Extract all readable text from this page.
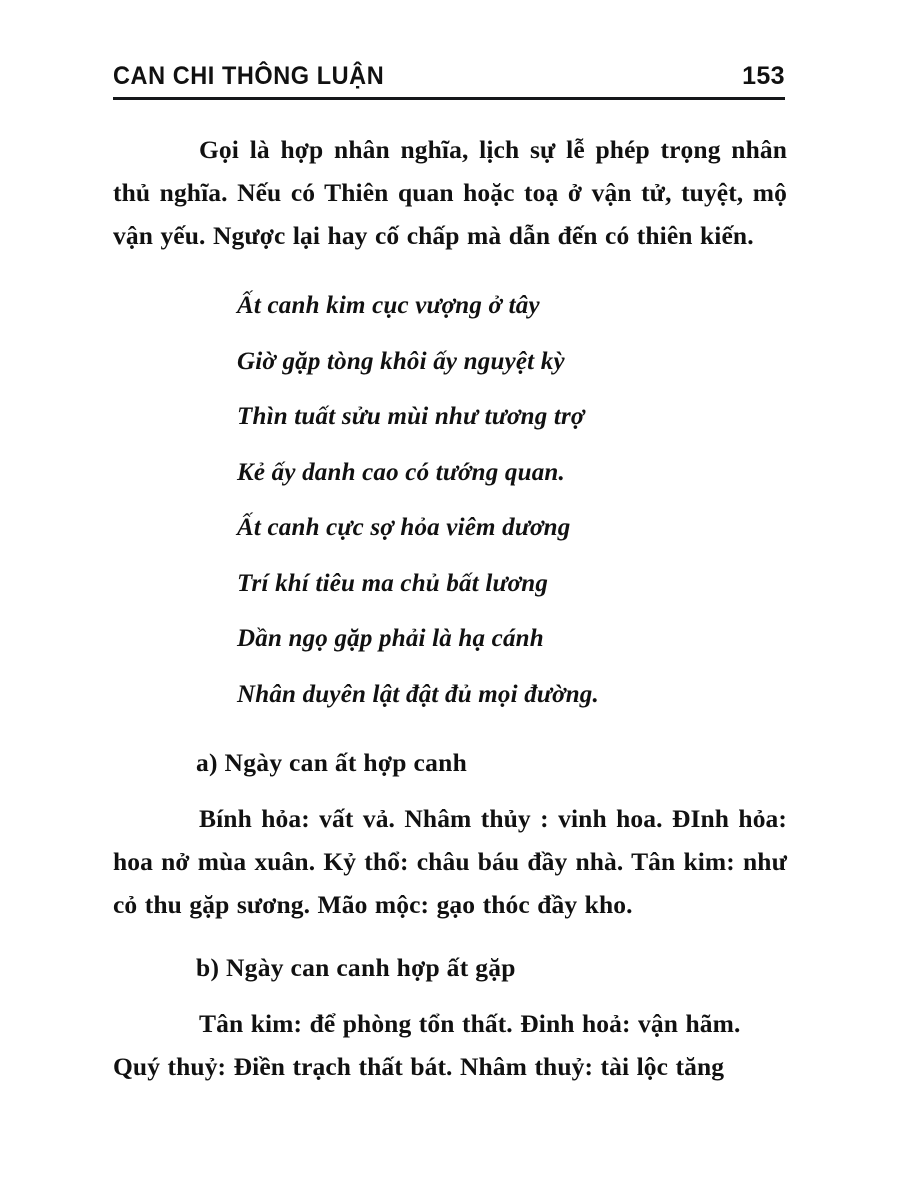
CAN CHI THÔNG LUẬN	153

Gọi là hợp nhân nghĩa, lịch sự lễ phép trọng nhân thủ nghĩa. Nếu có Thiên quan hoặc toạ ở vận tử, tuyệt, mộ vận yếu. Ngược lại hay cố chấp mà dẫn đến có thiên kiến.

Ất canh kim cục vượng ở tây
Giờ gặp tòng khôi ấy nguyệt kỳ
Thìn tuất sửu mùi như tương trợ
Kẻ ấy danh cao có tướng quan.
Ất canh cực sợ hỏa viêm dương
Trí khí tiêu ma chủ bất lương
Dần ngọ gặp phải là hạ cánh
Nhân duyên lật đật đủ mọi đường.
a) Ngày can ất hợp canh

Bính hỏa: vất vả. Nhâm thủy : vinh hoa. ĐInh hỏa: hoa nở mùa xuân. Kỷ thổ: châu báu đầy nhà. Tân kim: như cỏ thu gặp sương. Mão mộc: gạo thóc đầy kho.

b) Ngày can canh hợp ất gặp

Tân kim: để phòng tổn thất. Đinh hoả: vận hãm. Quý thuỷ: Điền trạch thất bát. Nhâm thuỷ: tài lộc tăng
